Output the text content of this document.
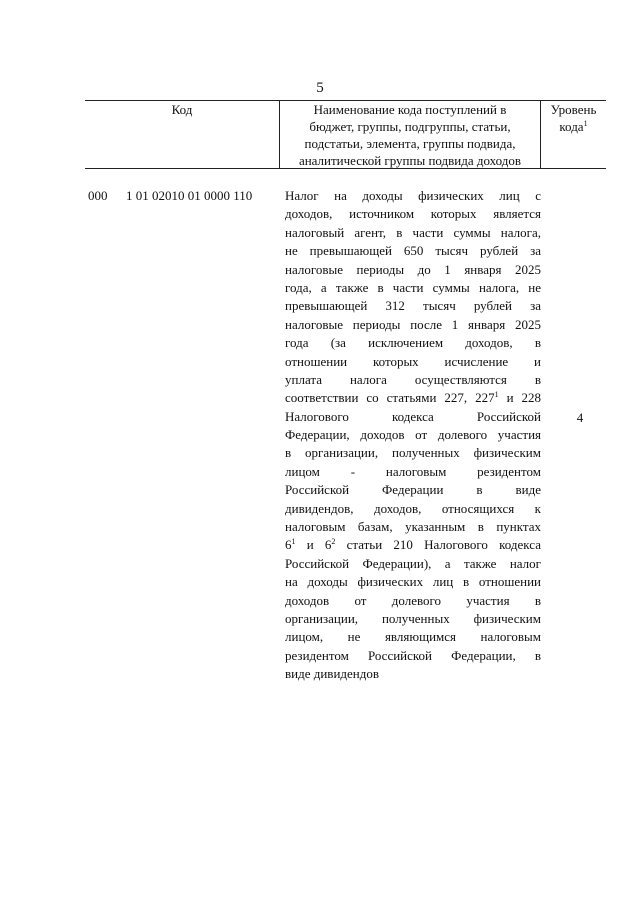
5
Код	Наименование кода поступлений в
бюджет, группы, подгруппы, статьи,
подстатьи, элемента, группы подвида,
аналитической группы подвида доходов
Уровень
кода$^1$
000 1 01 02010 01 0000 110	Налог на доходы физических лиц с
доходов, источником которых является
налоговый агент, в части суммы налога,
не превышающей 650 тысяч рублей за
налоговые периоды до 1 января 2025
года, а также в части суммы налога, не
превышающей 312 тысяч рублей за
налоговые периоды после 1 января 2025
года (за исключением доходов, в
отношении которых исчисление и
уплата налога осуществляются в
соответствии со статьями 227, $227^1$ и 228
Налогового кодекса Российской
Федерации, доходов от долевого участия
в организации, полученных физическим
лицом - налоговым резидентом
Российской Федерации в виде
дивидендов, доходов, относящихся к
налоговым базам, указанным в пунктах
$6^1$ и $6^2$ статьи 210 Налогового кодекса
Российской Федерации), а также налог
на доходы физических лиц в отношении
доходов от долевого участия в
организации, полученных физическим
лицом, не являющимся налоговым
резидентом Российской Федерации, в
виде дивидендов
4
